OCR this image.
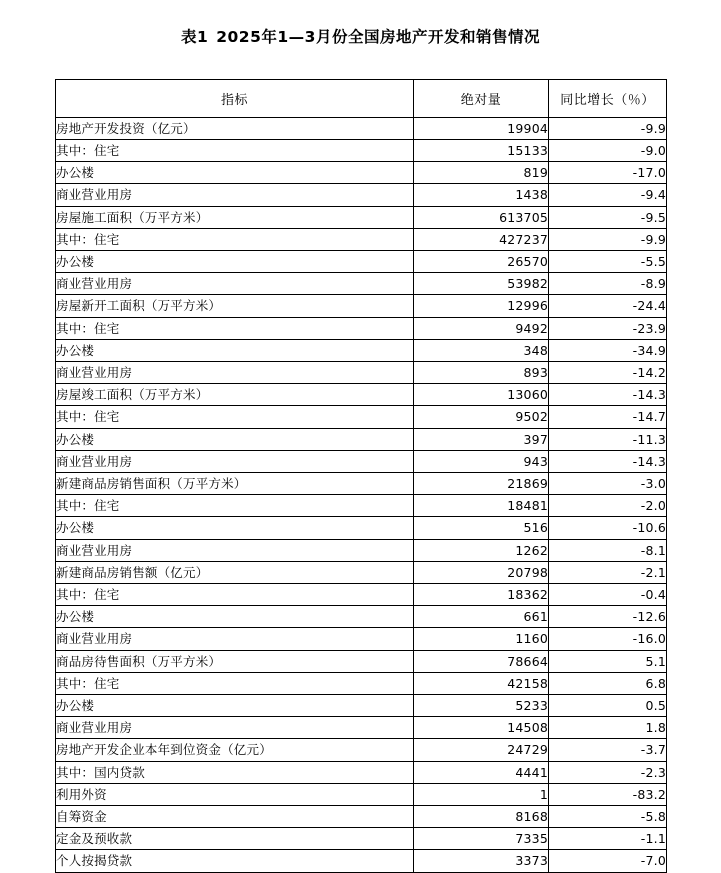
表1 2025年1—3月份全国房地产开发和销售情况
指标	绝对量	同比增长（％）
房地产开发投资（亿元）	19904	-9.9
其中：住宅	15133	-9.0
办公楼	819	-17.0
商业营业用房	1438	-9.4
房屋施工面积（万平方米）	613705	-9.5
其中：住宅	427237	-9.9
办公楼	26570	-5.5
商业营业用房	53982	-8.9
房屋新开工面积（万平方米）	12996	-24.4
其中：住宅	9492	-23.9
办公楼	348	-34.9
商业营业用房	893	-14.2
房屋竣工面积（万平方米）	13060	-14.3
其中：住宅	9502	-14.7
办公楼	397	-11.3
商业营业用房	943	-14.3
新建商品房销售面积（万平方米）	21869	-3.0
其中：住宅	18481	-2.0
办公楼	516	-10.6
商业营业用房	1262	-8.1
新建商品房销售额（亿元）	20798	-2.1
其中：住宅	18362	-0.4
办公楼	661	-12.6
商业营业用房	1160	-16.0
商品房待售面积（万平方米）	78664	5.1
其中：住宅	42158	6.8
办公楼	5233	0.5
商业营业用房	14508	1.8
房地产开发企业本年到位资金（亿元）	24729	-3.7
其中：国内贷款	4441	-2.3
利用外资	1	-83.2
自筹资金	8168	-5.8
定金及预收款	7335	-1.1
个人按揭贷款	3373	-7.0
